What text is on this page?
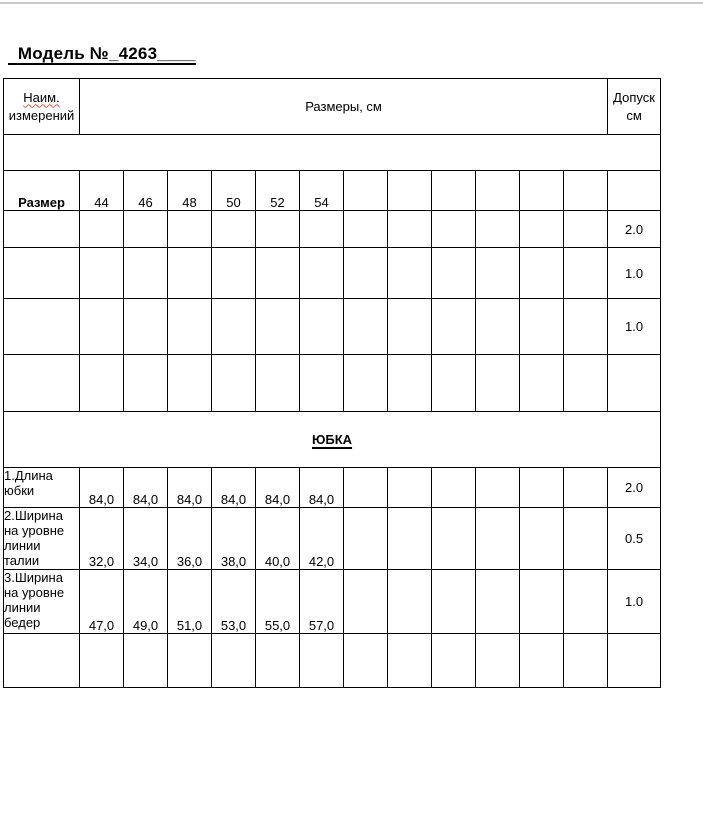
Модель №_4263____
Наим.
измерений	Размеры, см												Допуск
см

Размер	44	46	48	50	52	54							
													2.0
													1.0
													1.0

ЮБКА													
1.Длина юбки	84,0	84,0	84,0	84,0	84,0	84,0							2.0
2.Ширина на уровне линии талии	32,0	34,0	36,0	38,0	40,0	42,0							0.5
3.Ширина на уровне линии бедер	47,0	49,0	51,0	53,0	55,0	57,0							1.0
